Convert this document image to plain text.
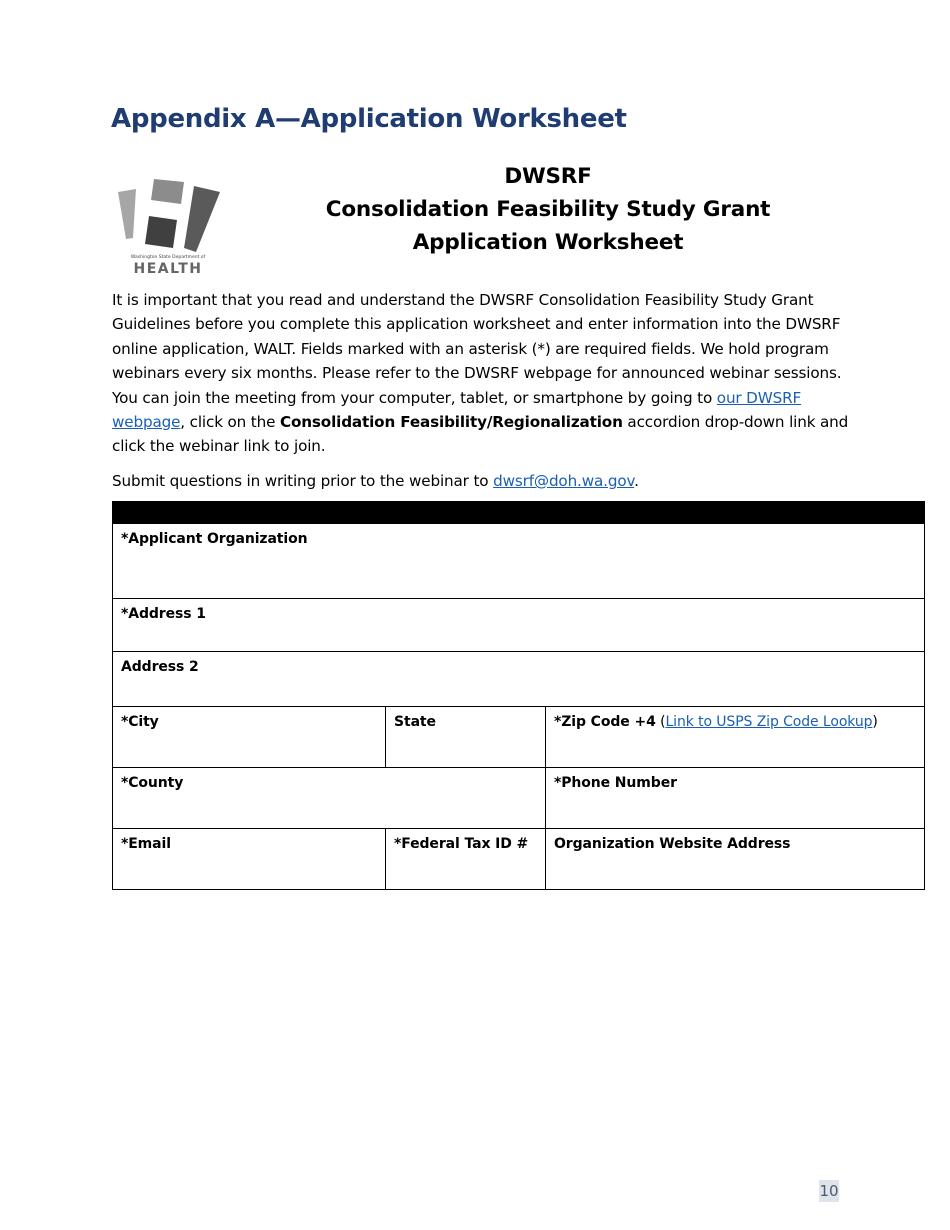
Appendix A—Application Worksheet
Washington State Department of
HEALTH
DWSRF
Consolidation Feasibility Study Grant
Application Worksheet
It is important that you read and understand the DWSRF Consolidation Feasibility Study Grant Guidelines before you complete this application worksheet and enter information into the DWSRF online application, WALT. Fields marked with an asterisk (*) are required fields. We hold program webinars every six months. Please refer to the DWSRF webpage for announced webinar sessions. You can join the meeting from your computer, tablet, or smartphone by going to our DWSRF webpage, click on the Consolidation Feasibility/Regionalization accordion drop-down link and click the webinar link to join.
Submit questions in writing prior to the webinar to dwsrf@doh.wa.gov.

*Applicant Organization		
*Address 1		
Address 2		
*City	State	*Zip Code +4 (Link to USPS Zip Code Lookup)
*County		*Phone Number
*Email	*Federal Tax ID #	Organization Website Address
10
